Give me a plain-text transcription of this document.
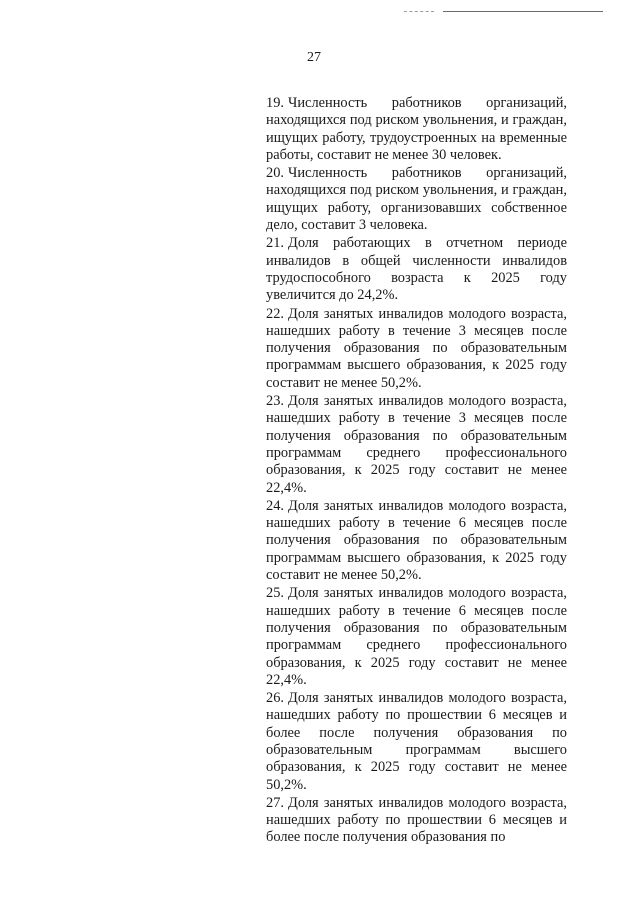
27

19. Численность работников организаций, находящихся под риском увольнения, и граждан, ищущих работу, трудоустроенных на временные работы, составит не менее 30 человек.

20. Численность работников организаций, находящихся под риском увольнения, и граждан, ищущих работу, организовавших собственное дело, составит 3 человека.

21. Доля работающих в отчетном периоде инвалидов в общей численности инвалидов трудоспособного возраста к 2025 году увеличится до 24,2%.

22. Доля занятых инвалидов молодого возраста, нашедших работу в течение 3 месяцев после получения образования по образовательным программам высшего образования, к 2025 году составит не менее 50,2%.

23. Доля занятых инвалидов молодого возраста, нашедших работу в течение 3 месяцев после получения образования по образовательным программам среднего профессионального образования, к 2025 году составит не менее 22,4%.

24. Доля занятых инвалидов молодого возраста, нашедших работу в течение 6 месяцев после получения образования по образовательным программам высшего образования, к 2025 году составит не менее 50,2%.

25. Доля занятых инвалидов молодого возраста, нашедших работу в течение 6 месяцев после получения образования по образовательным программам среднего профессионального образования, к 2025 году составит не менее 22,4%.

26. Доля занятых инвалидов молодого возраста, нашедших работу по прошествии 6 месяцев и более после получения образования по образовательным программам высшего образования, к 2025 году составит не менее 50,2%.

27. Доля занятых инвалидов молодого возраста, нашедших работу по прошествии 6 месяцев и более после получения образования по
